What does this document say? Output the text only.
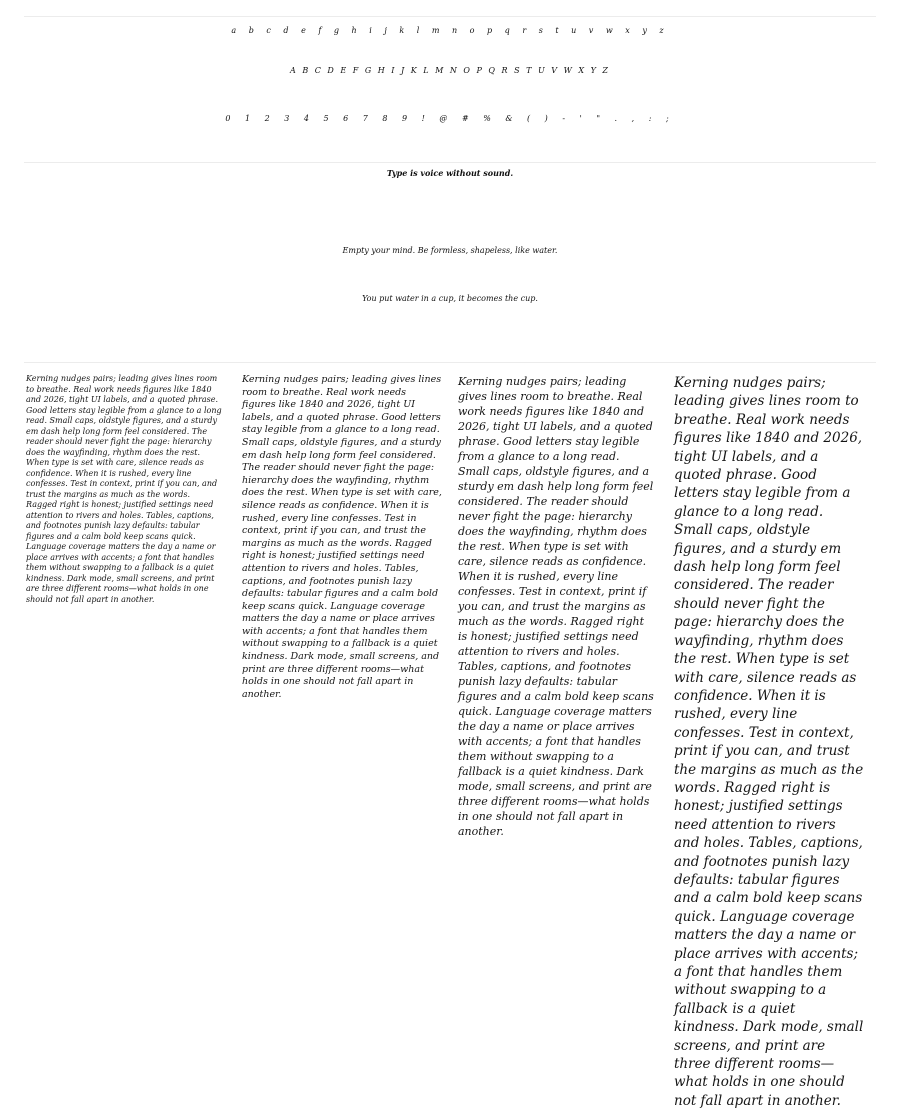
a b c d e f g h i j k l m n o p q r s t u v w x y z
A B C D E F G H I J K L M N O P Q R S T U V W X Y Z
0 1 2 3 4 5 6 7 8 9 ! @ # % & ( ) - ' " . , : ;
Type is voice without sound.
Empty your mind. Be formless, shapeless, like water.
You put water in a cup, it becomes the cup.

Kerning nudges pairs; leading gives lines room to breathe. Real work needs figures like 1840 and 2026, tight UI labels, and a quoted phrase. Good letters stay legible from a glance to a long read. Small caps, oldstyle figures, and a sturdy em dash help long form feel considered. The reader should never fight the page: hierarchy does the wayfinding, rhythm does the rest. When type is set with care, silence reads as confidence. When it is rushed, every line confesses. Test in context, print if you can, and trust the margins as much as the words. Ragged right is honest; justified settings need attention to rivers and holes. Tables, captions, and footnotes punish lazy defaults: tabular figures and a calm bold keep scans quick. Language coverage matters the day a name or place arrives with accents; a font that handles them without swapping to a fallback is a quiet kindness. Dark mode, small screens, and print are three different rooms—what holds in one should not fall apart in another.

Kerning nudges pairs; leading gives lines room to breathe. Real work needs figures like 1840 and 2026, tight UI labels, and a quoted phrase. Good letters stay legible from a glance to a long read. Small caps, oldstyle figures, and a sturdy em dash help long form feel considered. The reader should never fight the page: hierarchy does the wayfinding, rhythm does the rest. When type is set with care, silence reads as confidence. When it is rushed, every line confesses. Test in context, print if you can, and trust the margins as much as the words. Ragged right is honest; justified settings need attention to rivers and holes. Tables, captions, and footnotes punish lazy defaults: tabular figures and a calm bold keep scans quick. Language coverage matters the day a name or place arrives with accents; a font that handles them without swapping to a fallback is a quiet kindness. Dark mode, small screens, and print are three different rooms—what holds in one should not fall apart in another.

Kerning nudges pairs; leading gives lines room to breathe. Real work needs figures like 1840 and 2026, tight UI labels, and a quoted phrase. Good letters stay legible from a glance to a long read. Small caps, oldstyle figures, and a sturdy em dash help long form feel considered. The reader should never fight the page: hierarchy does the wayfinding, rhythm does the rest. When type is set with care, silence reads as confidence. When it is rushed, every line confesses. Test in context, print if you can, and trust the margins as much as the words. Ragged right is honest; justified settings need attention to rivers and holes. Tables, captions, and footnotes punish lazy defaults: tabular figures and a calm bold keep scans quick. Language coverage matters the day a name or place arrives with accents; a font that handles them without swapping to a fallback is a quiet kindness. Dark mode, small screens, and print are three different rooms—what holds in one should not fall apart in another.

Kerning nudges pairs; leading gives lines room to breathe. Real work needs figures like 1840 and 2026, tight UI labels, and a quoted phrase. Good letters stay legible from a glance to a long read. Small caps, oldstyle figures, and a sturdy em dash help long form feel considered. The reader should never fight the page: hierarchy does the wayfinding, rhythm does the rest. When type is set with care, silence reads as confidence. When it is rushed, every line confesses. Test in context, print if you can, and trust the margins as much as the words. Ragged right is honest; justified settings need attention to rivers and holes. Tables, captions, and footnotes punish lazy defaults: tabular figures and a calm bold keep scans quick. Language coverage matters the day a name or place arrives with accents; a font that handles them without swapping to a fallback is a quiet kindness. Dark mode, small screens, and print are three different rooms—what holds in one should not fall apart in another.
